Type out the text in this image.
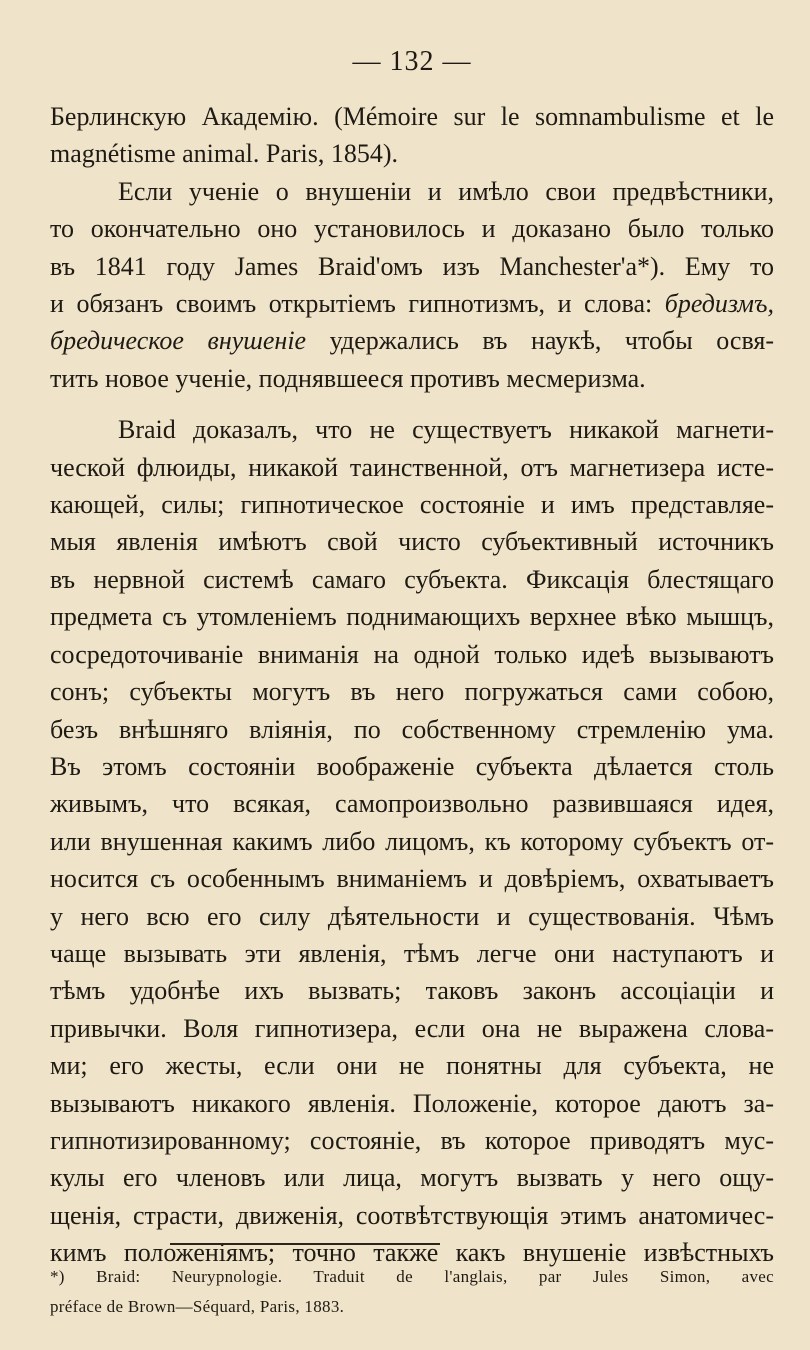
— 132 —
Берлинскую Академію. (Mémoire sur le somnambulisme et le
magnétisme animal. Paris, 1854).
Если ученіе о внушеніи и имѣло свои предвѣстники,
то окончательно оно установилось и доказано было только
въ 1841 году James Braid'омъ изъ Manchester'а*). Ему то
и обязанъ своимъ открытіемъ гипнотизмъ, и слова: бредизмъ,
бредическое внушеніе удержались въ наукѣ, чтобы освя-
тить новое ученіе, поднявшееся противъ месмеризма.
Braid доказалъ, что не существуетъ никакой магнети-
ческой флюиды, никакой таинственной, отъ магнетизера исте-
кающей, силы; гипнотическое состояніе и имъ представляе-
мыя явленія имѣютъ свой чисто субъективный источникъ
въ нервной системѣ самаго субъекта. Фиксація блестящаго
предмета съ утомленіемъ поднимающихъ верхнее вѣко мышцъ,
сосредоточиваніе вниманія на одной только идеѣ вызываютъ
сонъ; субъекты могутъ въ него погружаться сами собою,
безъ внѣшняго вліянія, по собственному стремленію ума.
Въ этомъ состояніи воображеніе субъекта дѣлается столь
живымъ, что всякая, самопроизвольно развившаяся идея,
или внушенная какимъ либо лицомъ, къ которому субъектъ от-
носится съ особеннымъ вниманіемъ и довѣріемъ, охватываетъ
у него всю его силу дѣятельности и существованія. Чѣмъ
чаще вызывать эти явленія, тѣмъ легче они наступаютъ и
тѣмъ удобнѣе ихъ вызвать; таковъ законъ ассоціаціи и
привычки. Воля гипнотизера, если она не выражена слова-
ми; его жесты, если они не понятны для субъекта, не
вызываютъ никакого явленія. Положеніе, которое даютъ за-
гипнотизированному; состояніе, въ которое приводятъ мус-
кулы его членовъ или лица, могутъ вызвать у него ощу-
щенія, страсти, движенія, соотвѣтствующія этимъ анатомичес-
кимъ положеніямъ; точно также какъ внушеніе извѣстныхъ
*) Braid: Neurypnologie. Traduit de l'anglais, par Jules Simon, avec
préface de Brown—Séquard, Paris, 1883.
